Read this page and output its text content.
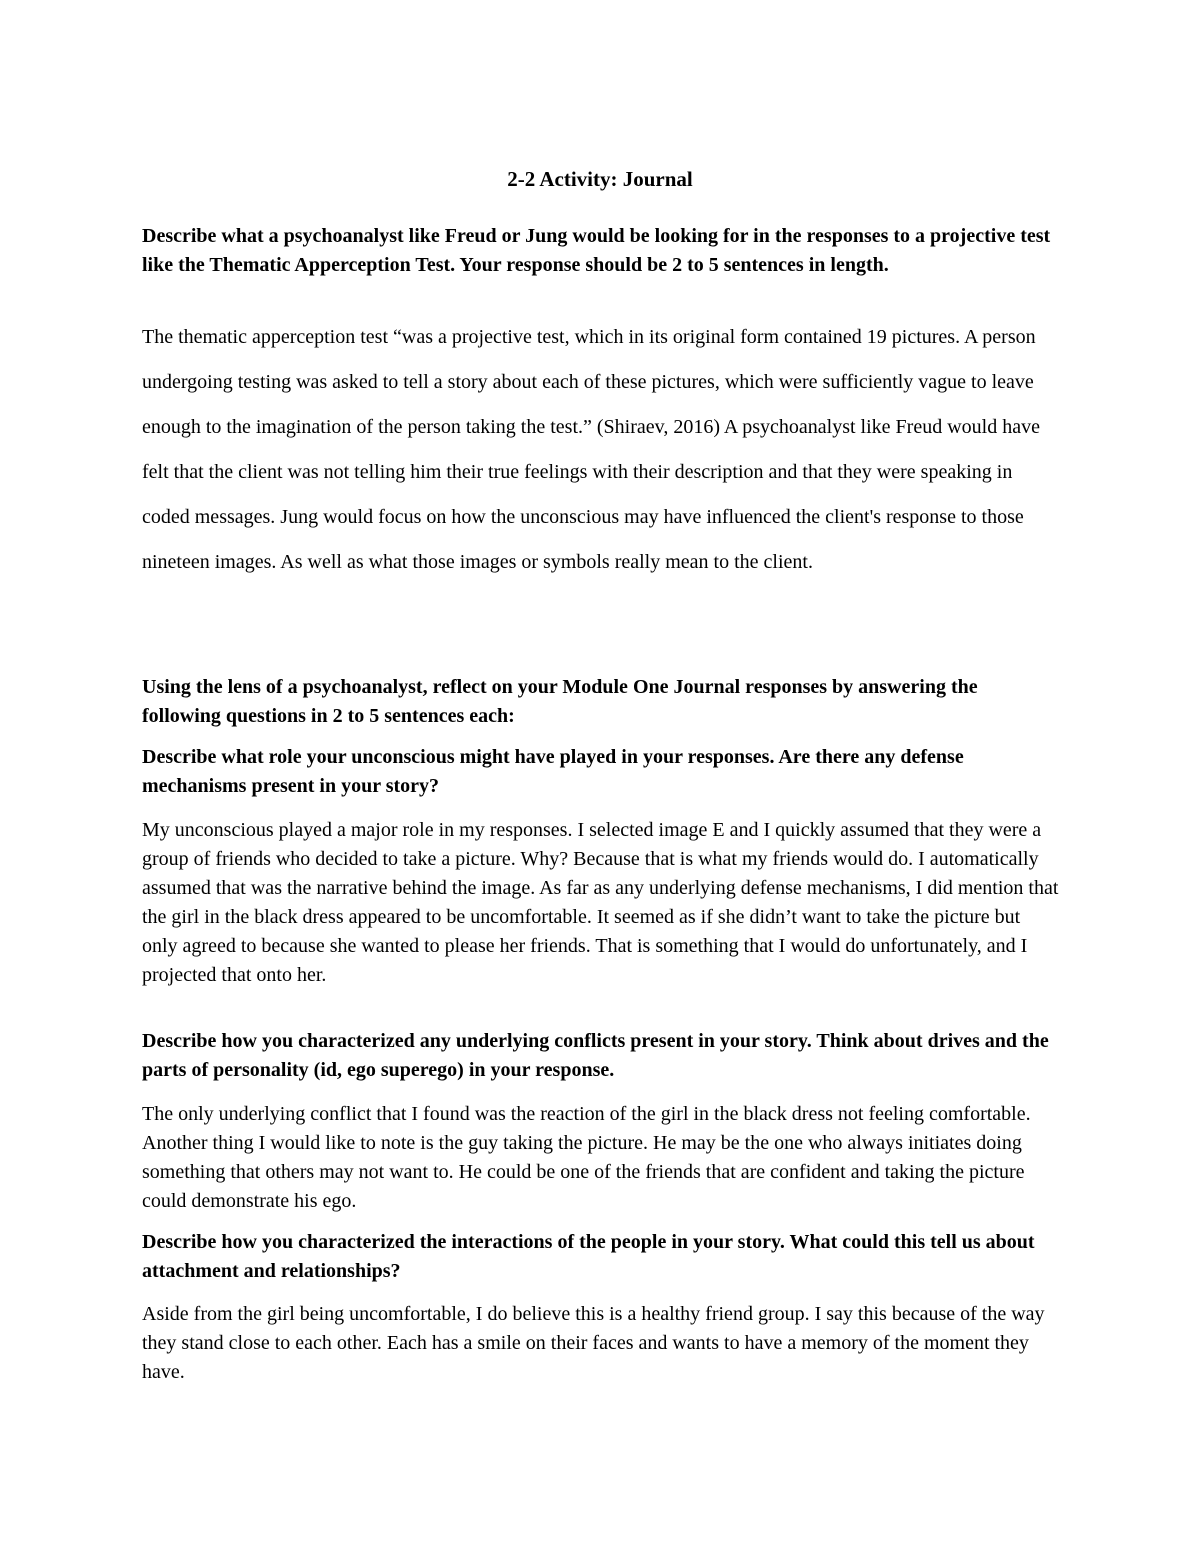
2-2 Activity: Journal

Describe what a psychoanalyst like Freud or Jung would be looking for in the responses to a projective test like the Thematic Apperception Test. Your response should be 2 to 5 sentences in length.

The thematic apperception test “was a projective test, which in its original form contained 19 pictures. A person undergoing testing was asked to tell a story about each of these pictures, which were sufficiently vague to leave enough to the imagination of the person taking the test.” (Shiraev, 2016) A psychoanalyst like Freud would have felt that the client was not telling him their true feelings with their description and that they were speaking in coded messages. Jung would focus on how the unconscious may have influenced the client's response to those nineteen images. As well as what those images or symbols really mean to the client.

Using the lens of a psychoanalyst, reflect on your Module One Journal responses by answering the following questions in 2 to 5 sentences each:

Describe what role your unconscious might have played in your responses. Are there any defense mechanisms present in your story?

My unconscious played a major role in my responses. I selected image E and I quickly assumed that they were a group of friends who decided to take a picture. Why? Because that is what my friends would do. I automatically assumed that was the narrative behind the image. As far as any underlying defense mechanisms, I did mention that the girl in the black dress appeared to be uncomfortable. It seemed as if she didn’t want to take the picture but only agreed to because she wanted to please her friends. That is something that I would do unfortunately, and I projected that onto her.

Describe how you characterized any underlying conflicts present in your story. Think about drives and the parts of personality (id, ego superego) in your response.

The only underlying conflict that I found was the reaction of the girl in the black dress not feeling comfortable. Another thing I would like to note is the guy taking the picture. He may be the one who always initiates doing something that others may not want to. He could be one of the friends that are confident and taking the picture could demonstrate his ego.

Describe how you characterized the interactions of the people in your story. What could this tell us about attachment and relationships?

Aside from the girl being uncomfortable, I do believe this is a healthy friend group. I say this because of the way they stand close to each other. Each has a smile on their faces and wants to have a memory of the moment they have.
